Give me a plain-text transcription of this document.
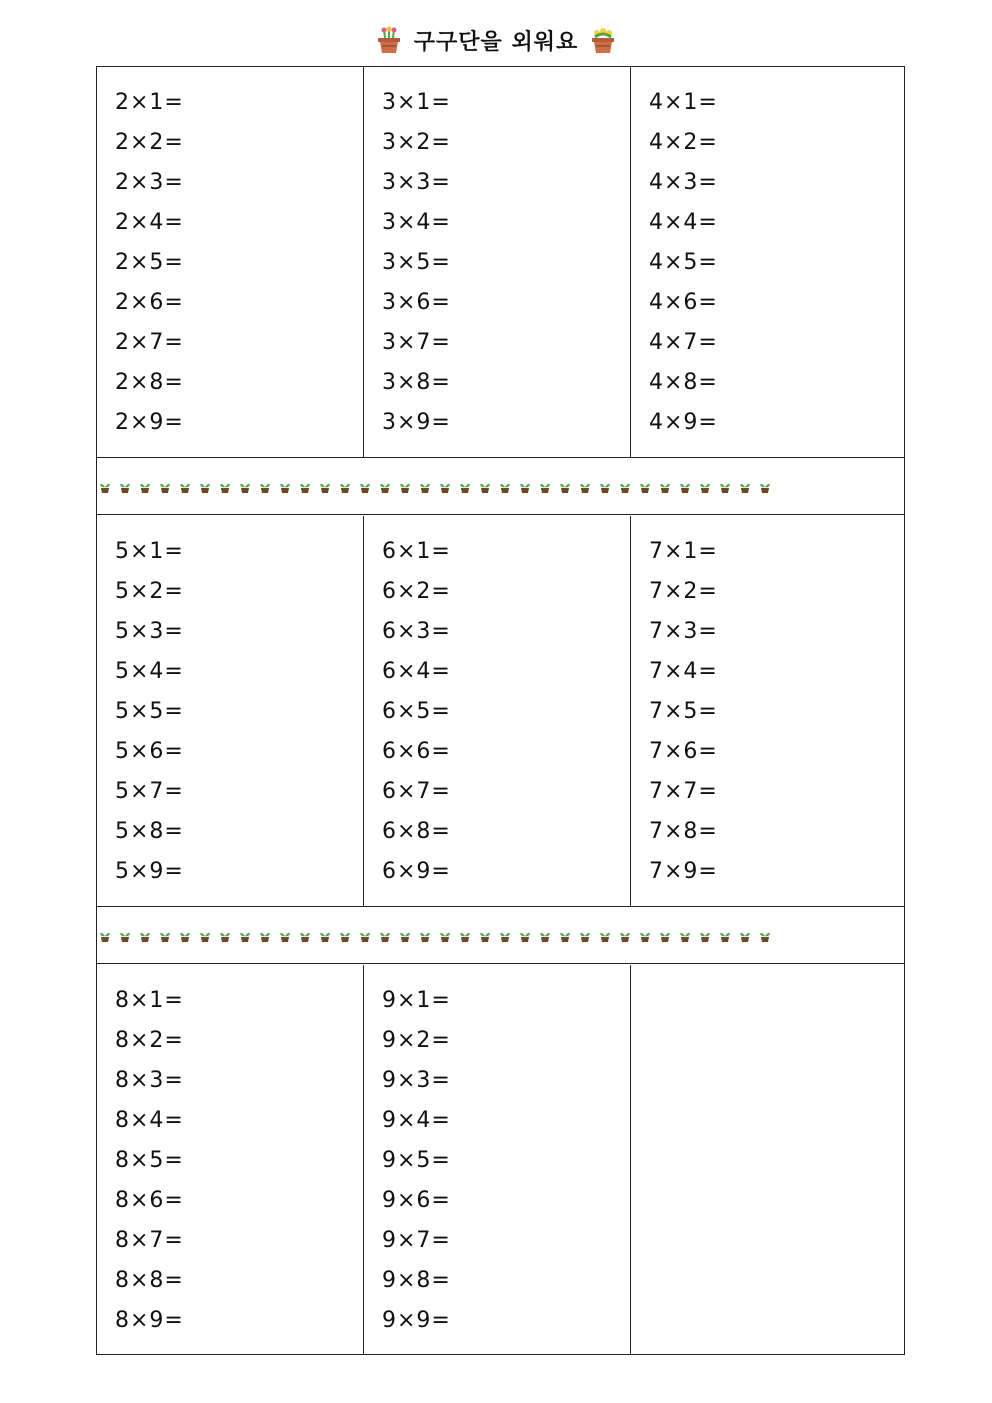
구구단을 외워요
2×1=
2×2=
2×3=
2×4=
2×5=
2×6=
2×7=
2×8=
2×9=
3×1=
3×2=
3×3=
3×4=
3×5=
3×6=
3×7=
3×8=
3×9=
4×1=
4×2=
4×3=
4×4=
4×5=
4×6=
4×7=
4×8=
4×9=
5×1=
5×2=
5×3=
5×4=
5×5=
5×6=
5×7=
5×8=
5×9=
6×1=
6×2=
6×3=
6×4=
6×5=
6×6=
6×7=
6×8=
6×9=
7×1=
7×2=
7×3=
7×4=
7×5=
7×6=
7×7=
7×8=
7×9=
8×1=
8×2=
8×3=
8×4=
8×5=
8×6=
8×7=
8×8=
8×9=
9×1=
9×2=
9×3=
9×4=
9×5=
9×6=
9×7=
9×8=
9×9=
